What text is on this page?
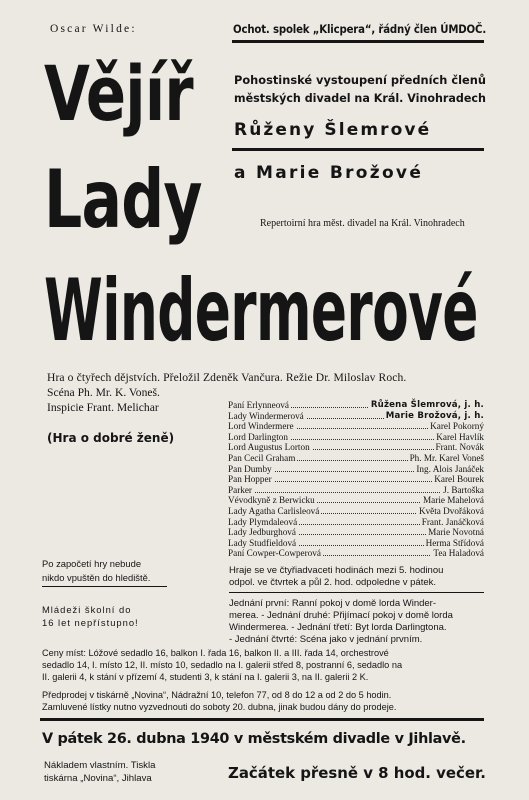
Oscar Wilde:	Ochot. spolek „Klicpera“, řádný člen ÚMDOČ.
Vějíř
Lady
Windermerové
Pohostinské vystoupení předních členů
městských divadel na Král. Vinohradech
Růženy Šlemrové
a Marie Brožové
Repertoirní hra měst. divadel na Král. Vinohradech
Hra o čtyřech dějstvích. Přeložil Zdeněk Vančura. Režie Dr. Miloslav Roch.
Scéna Ph. Mr. K. Voneš.
Inspicie Frant. Melichar
(Hra o dobré ženě)
Po započetí hry nebude
nikdo vpuštěn do hlediště.
Mládeži školní do
16 let nepřístupno!
Paní Erlynneová	Růžena Šlemrová, j. h.
Lady Windermerová	Marie Brožová, j. h.
Lord Windermere	Karel Pokorný
Lord Darlington	Karel Havlík
Lord Augustus Lorton	Frant. Novák
Pan Cecil Graham	Ph. Mr. Karel Voneš
Pan Dumby	Ing. Alois Janáček
Pan Hopper	Karel Bourek
Parker	J. Bartoška
Vévodkyně z Berwicku	Marie Mahelová
Lady Agatha Carlisleová	Květa Dvořáková
Lady Plymdaleová	Frant. Janáčková
Lady Jedburghová	Marie Novotná
Lady Studfieldová	Herma Střídová
Paní Cowper-Cowperová	Tea Haladová
Hraje se ve čtyřiadvaceti hodinách mezi 5. hodinou
odpol. ve čtvrtek a půl 2. hod. odpoledne v pátek.
Jednání první: Ranní pokoj v domě lorda Winder-
merea. - Jednání druhé: Přijímací pokoj v domě lorda
Windermerea. - Jednání třetí: Byt lorda Darlingtona.
- Jednání čtvrté: Scéna jako v jednání prvním.
Ceny míst: Lóžové sedadlo 16, balkon I. řada 16, balkon II. a III. řada 14, orchestrové
sedadlo 14, I. místo 12, II. místo 10, sedadlo na I. galerii střed 8, postranní 6, sedadlo na
II. galerii 4, k stání v přízemí 4, studenti 3, k stání na I. galerii 3, na II. galerii 2 K.
Předprodej v tiskárně „Novina“, Nádražní 10, telefon 77, od 8 do 12 a od 2 do 5 hodin.
Zamluvené lístky nutno vyzvednouti do soboty 20. dubna, jinak budou dány do prodeje.
V pátek 26. dubna 1940 v městském divadle v Jihlavě.
Nákladem vlastním. Tiskla
tiskárna „Novina“, Jihlava	Začátek přesně v 8 hod. večer.
